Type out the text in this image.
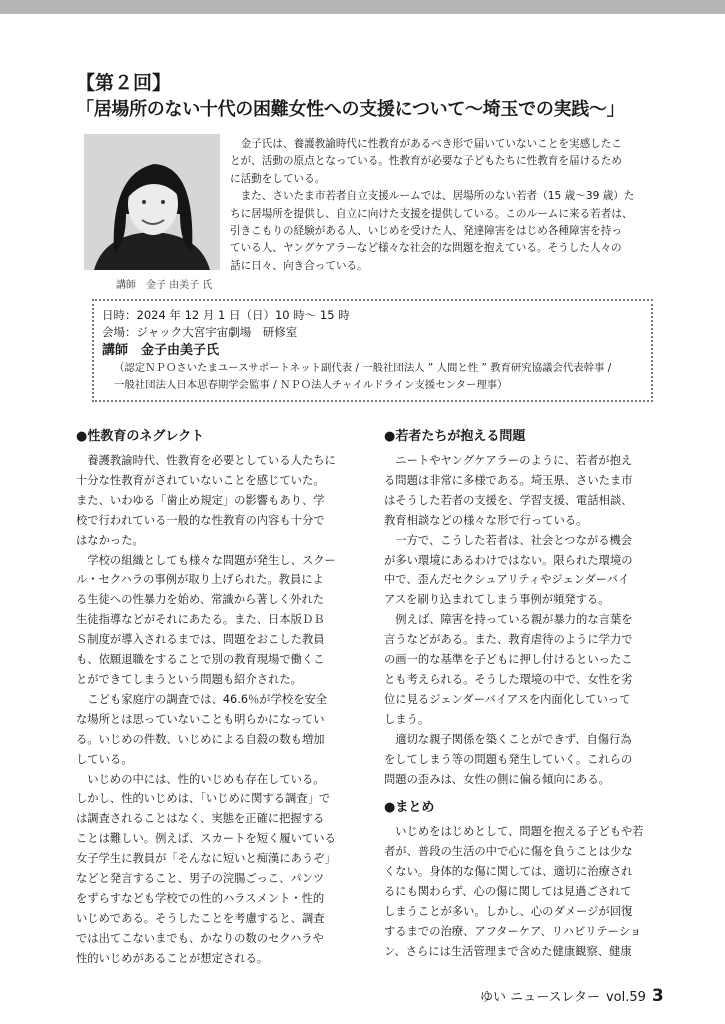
【第２回】
「居場所のない十代の困難女性への支援について～埼玉での実践～」
講師　金子 由美子 氏

金子氏は、養護教諭時代に性教育があるべき形で届いていないことを実感したこ
とが、活動の原点となっている。性教育が必要な子どもたちに性教育を届けるため
に活動をしている。

また、さいたま市若者自立支援ルームでは、居場所のない若者（15 歳～39 歳）た
ちに居場所を提供し、自立に向けた支援を提供している。このルームに来る若者は、
引きこもりの経験がある人、いじめを受けた人、発達障害をはじめ各種障害を持っ
ている人、ヤングケアラーなど様々な社会的な問題を抱えている。そうした人々の
話に日々、向き合っている。

日時：2024 年 12 月 1 日（日）10 時～ 15 時
会場：ジャック大宮宇宙劇場　研修室
講師　金子由美子氏
（認定ＮＰＯさいたまユースサポートネット副代表 / 一般社団法人 ” 人間と性 ” 教育研究協議会代表幹事 /
一般社団法人日本思春期学会監事 / ＮＰＯ法人チャイルドライン支援センター理事）
●性教育のネグレクト

養護教諭時代、性教育を必要としている人たちに
十分な性教育がされていないことを感じていた。
また、いわゆる「歯止め規定」の影響もあり、学
校で行われている一般的な性教育の内容も十分で
はなかった。

学校の組織としても様々な問題が発生し、スクー
ル・セクハラの事例が取り上げられた。教員によ
る生徒への性暴力を始め、常識から著しく外れた
生徒指導などがそれにあたる。また、日本版ＤＢ
Ｓ制度が導入されるまでは、問題をおこした教員
も、依願退職をすることで別の教育現場で働くこ
とができてしまうという問題も紹介された。

こども家庭庁の調査では、46.6％が学校を安全
な場所とは思っていないことも明らかになってい
る。いじめの件数、いじめによる自殺の数も増加
している。

いじめの中には、性的いじめも存在している。
しかし、性的いじめは、「いじめに関する調査」で
は調査されることはなく、実態を正確に把握する
ことは難しい。例えば、スカートを短く履いている
女子学生に教員が「そんなに短いと痴漢にあうぞ」
などと発言すること、男子の浣腸ごっこ、パンツ
をずらすなども学校での性的ハラスメント・性的
いじめである。そうしたことを考慮すると、調査
では出てこないまでも、かなりの数のセクハラや
性的いじめがあることが想定される。

●若者たちが抱える問題

ニートやヤングケアラーのように、若者が抱え
る問題は非常に多様である。埼玉県、さいたま市
はそうした若者の支援を、学習支援、電話相談、
教育相談などの様々な形で行っている。

一方で、こうした若者は、社会とつながる機会
が多い環境にあるわけではない。限られた環境の
中で、歪んだセクシュアリティやジェンダーバイ
アスを刷り込まれてしまう事例が頻発する。

例えば、障害を持っている親が暴力的な言葉を
言うなどがある。また、教育虐待のように学力で
の画一的な基準を子どもに押し付けるといったこ
とも考えられる。そうした環境の中で、女性を劣
位に見るジェンダーバイアスを内面化していって
しまう。

適切な親子関係を築くことができず、自傷行為
をしてしまう等の問題も発生していく。これらの
問題の歪みは、女性の側に偏る傾向にある。

●まとめ

いじめをはじめとして、問題を抱える子どもや若
者が、普段の生活の中で心に傷を負うことは少な
くない。身体的な傷に関しては、適切に治療され
るにも関わらず、心の傷に関しては見過ごされて
しまうことが多い。しかし、心のダメージが回復
するまでの治療、アフターケア、リハビリテーショ
ン、さらには生活管理まで含めた健康観察、健康

ゆい ニュースレター vol.59 3
